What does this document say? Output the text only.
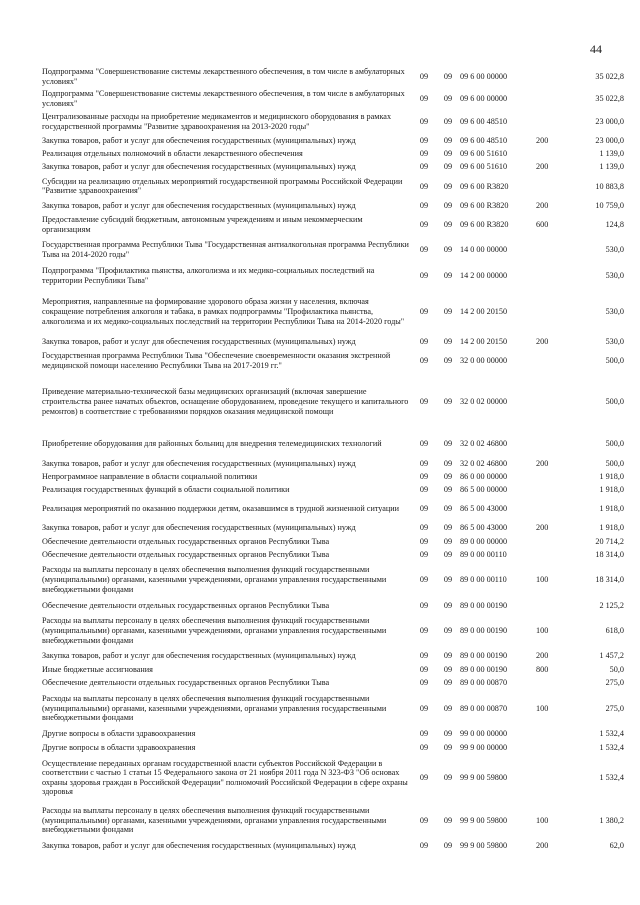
44
Подпрограмма "Совершенствование системы лекарственного обеспечения, в том числе в амбулаторных условиях"	09	09	09 6 00 00000		35 022,8
Подпрограмма "Совершенствование системы лекарственного обеспечения, в том числе в амбулаторных условиях"	09	09	09 6 00 00000		35 022,8
Централизованные расходы на приобретение медикаментов и медицинского оборудования в рамках государственной программы "Развитие здравоохранения на 2013-2020 годы"	09	09	09 6 00 48510		23 000,0
Закупка товаров, работ и услуг для обеспечения государственных (муниципальных) нужд	09	09	09 6 00 48510	200	23 000,0
Реализация отдельных полномочий в области лекарственного обеспечения	09	09	09 6 00 51610		1 139,0
Закупка товаров, работ и услуг для обеспечения государственных (муниципальных) нужд	09	09	09 6 00 51610	200	1 139,0
Субсидии на реализацию отдельных мероприятий государственной программы Российской Федерации "Развитие здравоохранения"	09	09	09 6 00 R3820		10 883,8
Закупка товаров, работ и услуг для обеспечения государственных (муниципальных) нужд	09	09	09 6 00 R3820	200	10 759,0
Предоставление субсидий бюджетным, автономным учреждениям и иным некоммерческим организациям	09	09	09 6 00 R3820	600	124,8
Государственная программа Республики Тыва "Государственная антиалкогольная программа Республики Тыва на 2014-2020 годы"	09	09	14 0 00 00000		530,0
Подпрограмма "Профилактика пьянства, алкоголизма и их медико-социальных последствий на территории Республики Тыва"	09	09	14 2 00 00000		530,0
Мероприятия, направленные на формирование здорового образа жизни у населения, включая сокращение потребления алкоголя и табака, в рамках подпрограммы "Профилактика пьянства, алкоголизма и их медико-социальных последствий на территории Республики Тыва на 2014-2020 годы"	09	09	14 2 00 20150		530,0
Закупка товаров, работ и услуг для обеспечения государственных (муниципальных) нужд	09	09	14 2 00 20150	200	530,0
Государственная программа Республики Тыва "Обеспечение своевременности оказания экстренной медицинской помощи населению Республики Тыва на 2017-2019 гг."	09	09	32 0 00 00000		500,0
Приведение материально-технической базы медицинских организаций (включая завершение строительства ранее начатых объектов, оснащение оборудованием, проведение текущего и капитального ремонтов) в соответствие с требованиями порядков оказания медицинской помощи	09	09	32 0 02 00000		500,0
Приобретение оборудования для районных больниц для внедрения телемедицинских технологий	09	09	32 0 02 46800		500,0
Закупка товаров, работ и услуг для обеспечения государственных (муниципальных) нужд	09	09	32 0 02 46800	200	500,0
Непрограммное направление в области социальной политики	09	09	86 0 00 00000		1 918,0
Реализация государственных функций в области социальной политики	09	09	86 5 00 00000		1 918,0
Реализация мероприятий по оказанию поддержки детям, оказавшимся в трудной жизненной ситуации	09	09	86 5 00 43000		1 918,0
Закупка товаров, работ и услуг для обеспечения государственных (муниципальных) нужд	09	09	86 5 00 43000	200	1 918,0
Обеспечение деятельности отдельных государственных органов Республики Тыва	09	09	89 0 00 00000		20 714,2
Обеспечение деятельности отдельных государственных органов Республики Тыва	09	09	89 0 00 00110		18 314,0
Расходы на выплаты персоналу в целях обеспечения выполнения функций государственными (муниципальными) органами, казенными учреждениями, органами управления государственными внебюджетными фондами	09	09	89 0 00 00110	100	18 314,0
Обеспечение деятельности отдельных государственных органов Республики Тыва	09	09	89 0 00 00190		2 125,2
Расходы на выплаты персоналу в целях обеспечения выполнения функций государственными (муниципальными) органами, казенными учреждениями, органами управления государственными внебюджетными фондами	09	09	89 0 00 00190	100	618,0
Закупка товаров, работ и услуг для обеспечения государственных (муниципальных) нужд	09	09	89 0 00 00190	200	1 457,2
Иные бюджетные ассигнования	09	09	89 0 00 00190	800	50,0
Обеспечение деятельности отдельных государственных органов Республики Тыва	09	09	89 0 00 00870		275,0
Расходы на выплаты персоналу в целях обеспечения выполнения функций государственными (муниципальными) органами, казенными учреждениями, органами управления государственными внебюджетными фондами	09	09	89 0 00 00870	100	275,0
Другие вопросы в области здравоохранения	09	09	99 0 00 00000		1 532,4
Другие вопросы в области здравоохранения	09	09	99 9 00 00000		1 532,4
Осуществление переданных органам государственной власти субъектов Российской Федерации в соответствии с частью 1 статьи 15 Федерального закона от 21 ноября 2011 года N 323-ФЗ "Об основах охраны здоровья граждан в Российской Федерации" полномочий Российской Федерации в сфере охраны здоровья	09	09	99 9 00 59800		1 532,4
Расходы на выплаты персоналу в целях обеспечения выполнения функций государственными (муниципальными) органами, казенными учреждениями, органами управления государственными внебюджетными фондами	09	09	99 9 00 59800	100	1 380,2
Закупка товаров, работ и услуг для обеспечения государственных (муниципальных) нужд	09	09	99 9 00 59800	200	62,0
